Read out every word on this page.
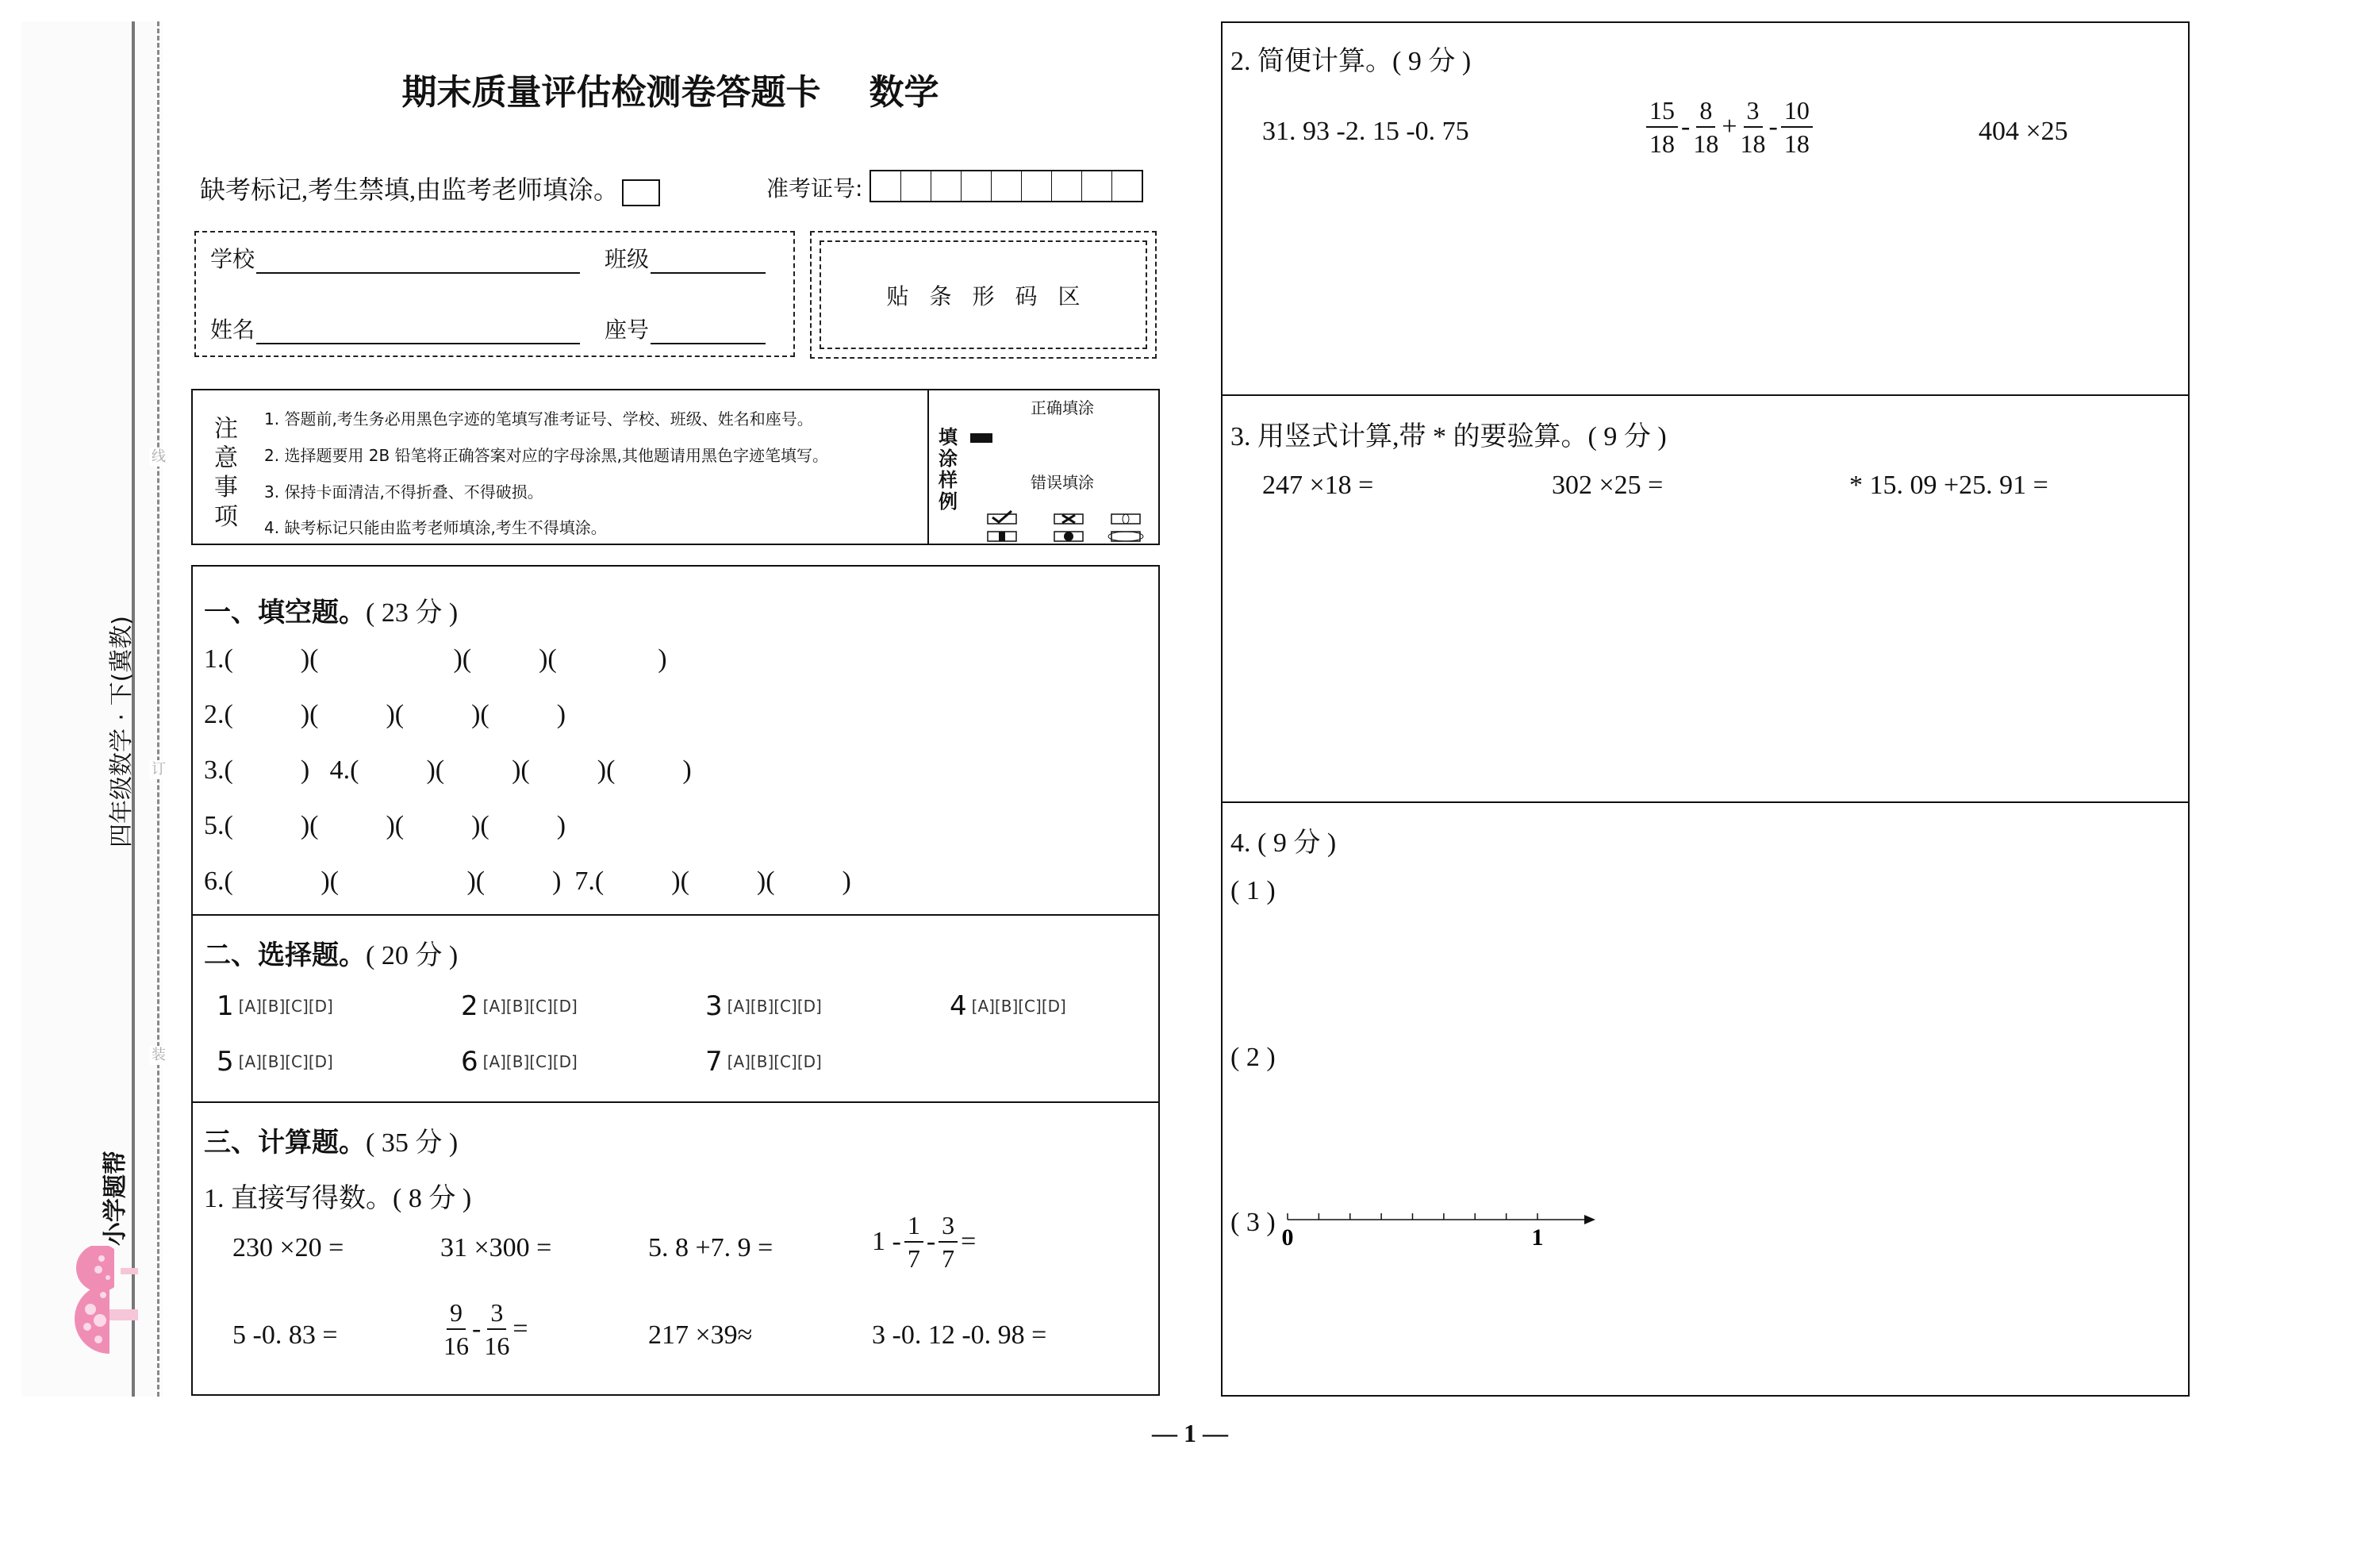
线
订
装
四年级数学 · 下(冀教)
小学题帮
期末质量评估检测卷答题卡 数学
缺考标记,考生禁填,由监考老师填涂。	准考证号:
学校	班级
姓名	座号
贴条形码区
注意事项
1. 答题前,考生务必用黑色字迹的笔填写准考证号、学校、班级、姓名和座号。
2. 选择题要用 2B 铅笔将正确答案对应的字母涂黑,其他题请用黑色字迹笔填写。
3. 保持卡面清洁,不得折叠、不得破损。
4. 缺考标记只能由监考老师填涂,考生不得填涂。
填涂样例
正确填涂
错误填涂
一、填空题。( 23 分 )
1.(          )(                    )(          )(               )
2.(          )(          )(          )(          )
3.(          )   4.(          )(          )(          )(          )
5.(          )(          )(          )(          )
6.(             )(                   )(          )  7.(          )(          )(          )
二、选择题。( 20 分 )
1 [A][B][C][D]	2 [A][B][C][D]	3 [A][B][C][D]	4 [A][B][C][D]
5 [A][B][C][D]	6 [A][B][C][D]	7 [A][B][C][D]
三、计算题。( 35 分 )
1. 直接写得数。( 8 分 )
230 ×20 =	31 ×300 =	5. 8 +7. 9 =	$1 - \frac{1}{7} - \frac{3}{7}$ =
5 -0. 83 =	$\frac{9}{16} - \frac{3}{16}$ =	217 ×39≈	3 -0. 12 -0. 98 =
2. 简便计算。( 9 分 )
31. 93 -2. 15 -0. 75	$\frac{15}{18} - \frac{8}{18} + \frac{3}{18} - \frac{10}{18}$	404 ×25
3. 用竖式计算,带 * 的要验算。( 9 分 )
247 ×18 =	302 ×25 =	* 15. 09 +25. 91 =
4. ( 9 分 )
( 1 )
( 2 )
( 3 )
0	1
— 1 —
